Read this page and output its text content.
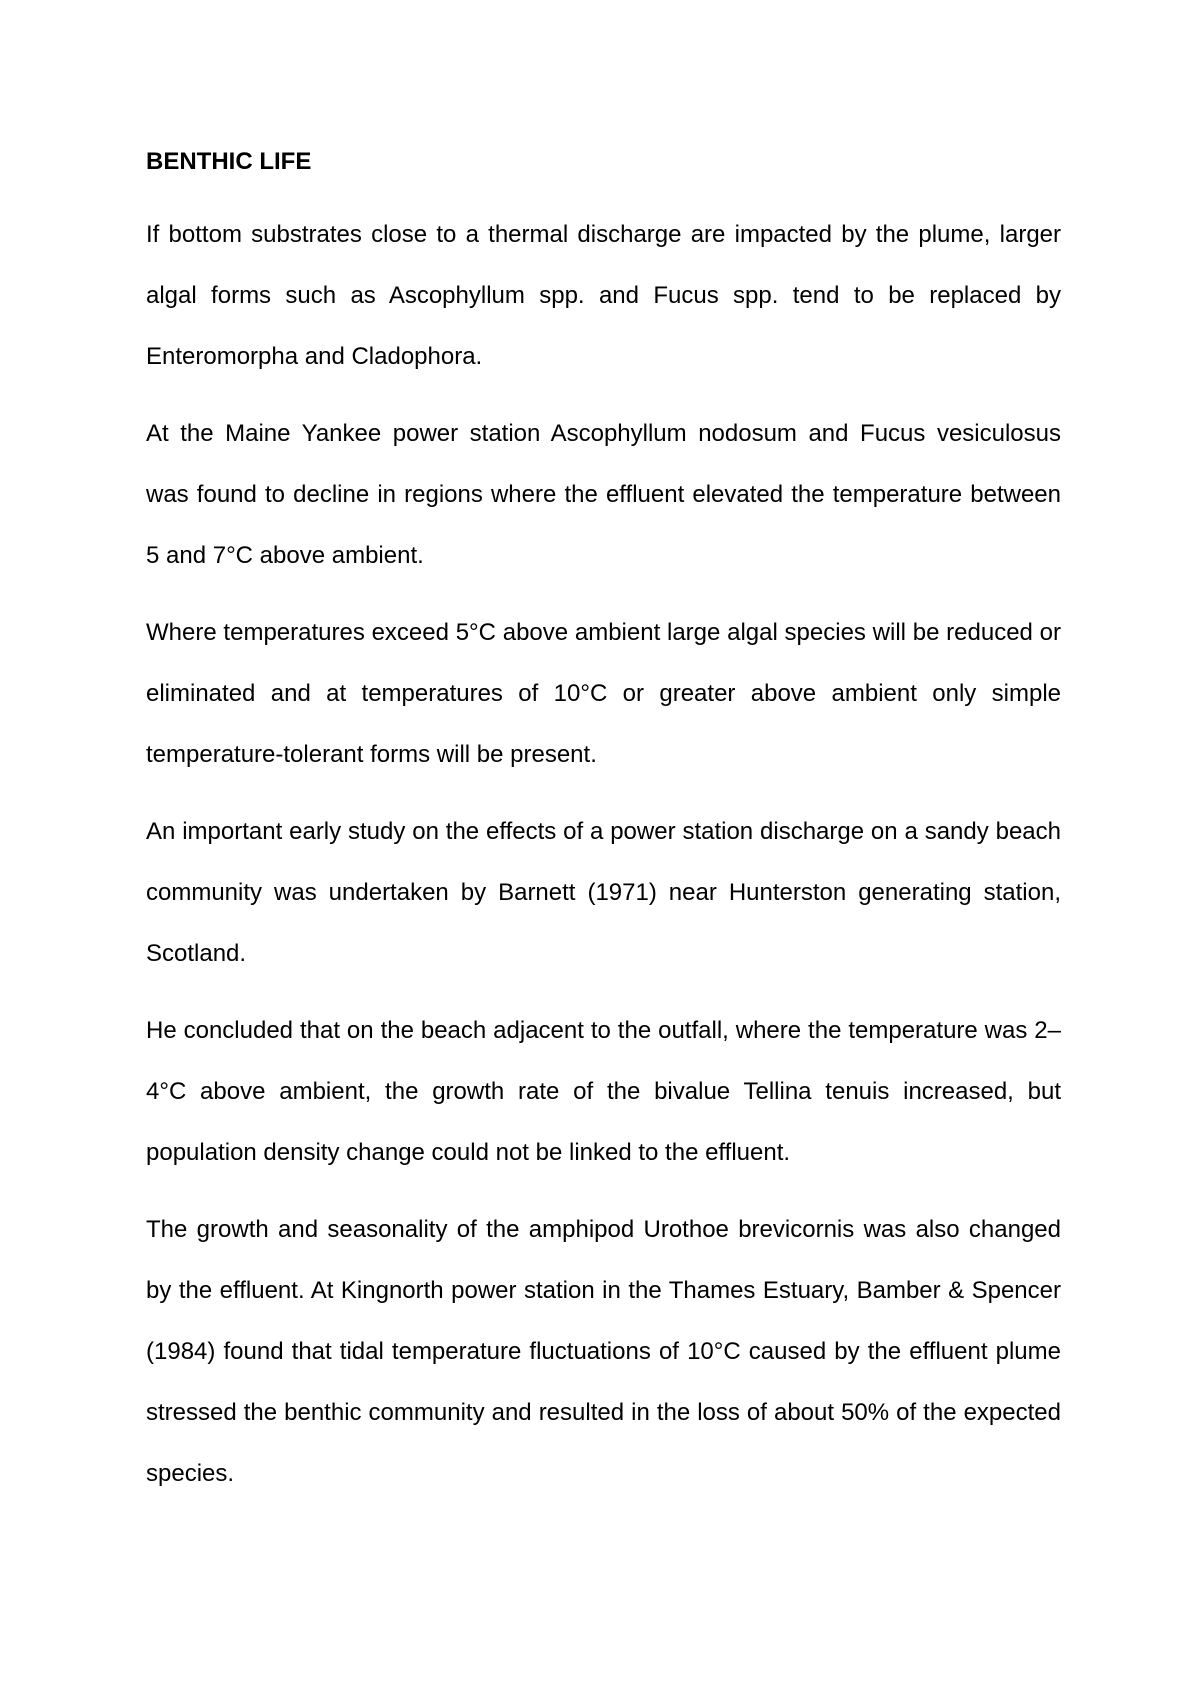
BENTHIC LIFE

If bottom substrates close to a thermal discharge are impacted by the plume, larger algal forms such as Ascophyllum spp. and Fucus spp. tend to be replaced by Enteromorpha and Cladophora.

At the Maine Yankee power station Ascophyllum nodosum and Fucus vesiculosus was found to decline in regions where the effluent elevated the temperature between 5 and 7°C above ambient.

Where temperatures exceed 5°C above ambient large algal species will be reduced or eliminated and at temperatures of 10°C or greater above ambient only simple temperature-tolerant forms will be present.

An important early study on the effects of a power station discharge on a sandy beach community was undertaken by Barnett (1971) near Hunterston generating station, Scotland.

He concluded that on the beach adjacent to the outfall, where the temperature was 2–4°C above ambient, the growth rate of the bivalue Tellina tenuis increased, but population density change could not be linked to the effluent.

The growth and seasonality of the amphipod Urothoe brevicornis was also changed by the effluent. At Kingnorth power station in the Thames Estuary, Bamber & Spencer (1984) found that tidal temperature fluctuations of 10°C caused by the effluent plume stressed the benthic community and resulted in the loss of about 50% of the expected species.
